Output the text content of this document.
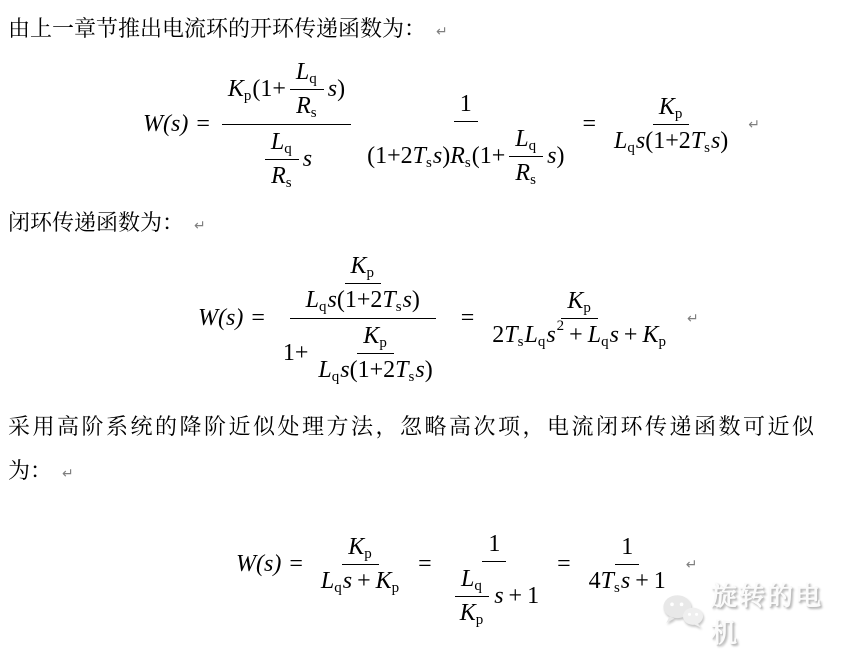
由上一章节推出电流环的开环传递函数为： ↵
$W(s) = \frac{K p (1+ \frac{\text{L q}}{\text{R s}} s )}{\frac{\text{L q}}{\text{R s}} s}$	1
(1+2 T s s ) R s ($1+ \frac{\text{L q}}{\text{R s}}$ s )
=
K p
L q s (1+2 T s s )
↵
闭环传递函数为： ↵
W(s) =
K p
L q s (1+2 T s s )
1+
K p
L q s (1+2 T s s )
=
K p
2 T s L q s 2 + L q s + K p
↵
采用高阶系统的降阶近似处理方法，忽略高次项，电流闭环传递函数可近似
为： ↵
W(s) =
K p
L q s + K p
= $\frac{1}{\frac{\text{L q}}{\text{K p}} s + 1}$ =
1
4 T s s + 1
↵
旋转的电机
